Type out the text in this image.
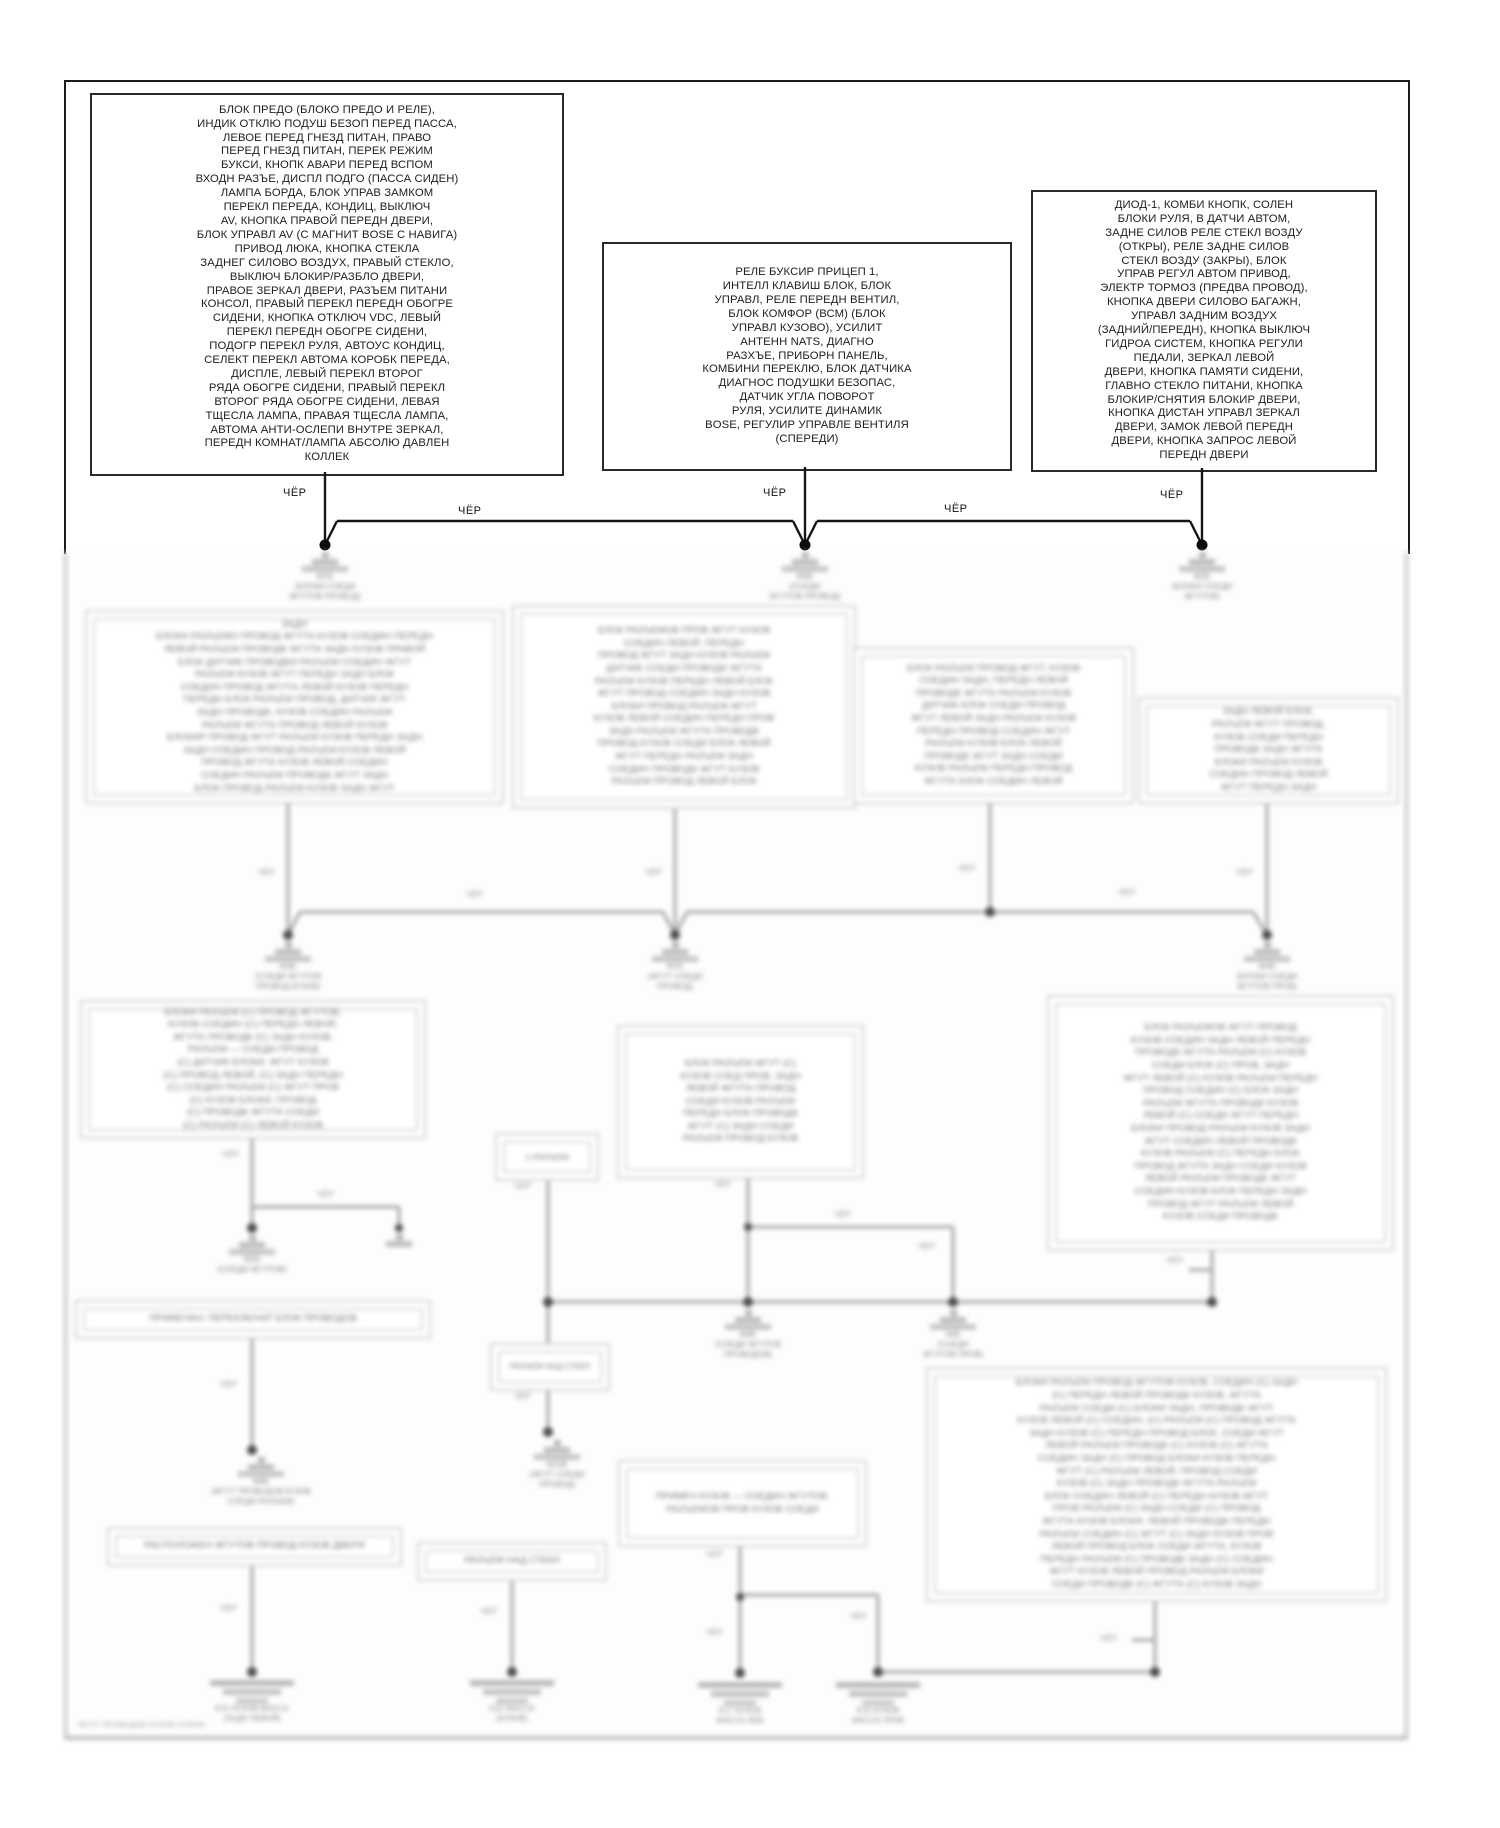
БЛОК ПРЕДО (БЛОКО ПРЕДО И РЕЛЕ),
ИНДИК ОТКЛЮ ПОДУШ БЕЗОП ПЕРЕД ПАССА,
ЛЕВОЕ ПЕРЕД ГНЕЗД ПИТАН, ПРАВО
ПЕРЕД ГНЕЗД ПИТАН, ПЕРЕК РЕЖИМ
БУКСИ, КНОПК АВАРИ ПЕРЕД ВСПОМ
ВХОДН РАЗЪЕ, ДИСПЛ ПОДГО (ПАССА СИДЕН)
ЛАМПА БОРДА, БЛОК УПРАВ ЗАМКОМ
ПЕРЕКЛ ПЕРЕДА, КОНДИЦ, ВЫКЛЮЧ
AV, КНОПКА ПРАВОЙ ПЕРЕДН ДВЕРИ,
БЛОК УПРАВЛ AV (С МАГНИТ BOSE С НАВИГА)
ПРИВОД ЛЮКА, КНОПКА СТЕКЛА
ЗАДНЕГ СИЛОВО ВОЗДУХ, ПРАВЫЙ СТЕКЛО,
ВЫКЛЮЧ БЛОКИР/РАЗБЛО ДВЕРИ,
ПРАВОЕ ЗЕРКАЛ ДВЕРИ, РАЗЪЕМ ПИТАНИ
КОНСОЛ, ПРАВЫЙ ПЕРЕКЛ ПЕРЕДН ОБОГРЕ
СИДЕНИ, КНОПКА ОТКЛЮЧ VDC, ЛЕВЫЙ
ПЕРЕКЛ ПЕРЕДН ОБОГРЕ СИДЕНИ,
ПОДОГР ПЕРЕКЛ РУЛЯ, АВТОУС КОНДИЦ,
СЕЛЕКТ ПЕРЕКЛ АВТОМА КОРОБК ПЕРЕДА,
ДИСПЛЕ, ЛЕВЫЙ ПЕРЕКЛ ВТОРОГ
РЯДА ОБОГРЕ СИДЕНИ, ПРАВЫЙ ПЕРЕКЛ
ВТОРОГ РЯДА ОБОГРЕ СИДЕНИ, ЛЕВАЯ
ТЩЕСЛА ЛАМПА, ПРАВАЯ ТЩЕСЛА ЛАМПА,
АВТОМА АНТИ-ОСЛЕПИ ВНУТРЕ ЗЕРКАЛ,
ПЕРЕДН КОМНАТ/ЛАМПА АБСОЛЮ ДАВЛЕН
КОЛЛЕК
РЕЛЕ БУКСИР ПРИЦЕП 1,
ИНТЕЛЛ КЛАВИШ БЛОК, БЛОК
УПРАВЛ, РЕЛЕ ПЕРЕДН ВЕНТИЛ,
БЛОК КОМФОР (ВСМ) (БЛОК
УПРАВЛ КУЗОВО), УСИЛИТ
АНТЕНН NATS, ДИАГНО
РАЗХЪЕ, ПРИБОРН ПАНЕЛЬ,
КОМБИНИ ПЕРЕКЛЮ, БЛОК ДАТЧИКА
ДИАГНОС ПОДУШКИ БЕЗОПАС,
ДАТЧИК УГЛА ПОВОРОТ
РУЛЯ, УСИЛИТЕ ДИНАМИК
BOSE, РЕГУЛИР УПРАВЛЕ ВЕНТИЛЯ
(СПЕРЕДИ)
ДИОД-1, КОМБИ КНОПК, СОЛЕН
БЛОКИ РУЛЯ, В ДАТЧИ АВТОМ,
ЗАДНЕ СИЛОВ РЕЛЕ СТЕКЛ ВОЗДУ
(ОТКРЫ), РЕЛЕ ЗАДНЕ СИЛОВ
СТЕКЛ ВОЗДУ (ЗАКРЫ), БЛОК
УПРАВ РЕГУЛ АВТОМ ПРИВОД,
ЭЛЕКТР ТОРМОЗ (ПРЕДВА ПРОВОД),
КНОПКА ДВЕРИ СИЛОВО БАГАЖН,
УПРАВЛ ЗАДНИМ ВОЗДУХ
(ЗАДНИЙ/ПЕРЕДН), КНОПКА ВЫКЛЮЧ
ГИДРОА СИСТЕМ, КНОПКА РЕГУЛИ
ПЕДАЛИ, ЗЕРКАЛ ЛЕВОЙ
ДВЕРИ, КНОПКА ПАМЯТИ СИДЕНИ,
ГЛАВНО СТЕКЛО ПИТАНИ, КНОПКА
БЛОКИР/СНЯТИЯ БЛОКИР ДВЕРИ,
КНОПКА ДИСТАН УПРАВЛ ЗЕРКАЛ
ДВЕРИ, ЗАМОК ЛЕВОЙ ПЕРЕДН
ДВЕРИ, КНОПКА ЗАПРОС ЛЕВОЙ
ПЕРЕДН ДВЕРИ
ЧЁР	ЧЁР	ЧЁР
ЧЁР	ЧЁР
М1Б
(БЛОКИ СОЕДИ
ЖГУТОВ ПРОВОД)
М6Б
(СОЕДИ
ЖГУТОВ ПРОВОД)
М2Б
(БЛОКИ СОЕДИ
ЖГУТОВ)
ЗАДН
БЛОКИ РАЗЪЕМО ПРОВОД ЖГУТА КУЗОВ СОЕДИН ПЕРЕДН
ЛЕВОЙ РАЗЪЕМ ПРОВОДК ЖГУТА ЗАДН КУЗОВ ПРАВОЙ
БЛОК ДАТЧИК ПРОВОДКИ РАЗЪЕМ СОЕДИН ЖГУТ
РАЗЪЕМ КУЗОВ ЖГУТ ПЕРЕДН ЗАДН БЛОК
СОЕДИН ПРОВОД ЖГУТА ЛЕВОЙ КУЗОВ ПЕРЕДН
ПЕРЕДН БЛОК РАЗЪЕМ ПРОВОД, ДАТЧИК ЖГУТ
ЗАДН ПРОВОДК, КУЗОВ СОЕДИН РАЗЪЕМ
РАЗЪЕМ ЖГУТА ПРОВОД ЛЕВОЙ КУЗОВ
БЛОКИР ПРОВОД ЖГУТ РАЗЪЕМ КУЗОВ ПЕРЕДН ЗАДН
ЗАДН СОЕДИН ПРОВОД РАЗЪЕМ КУЗОВ ЛЕВОЙ
ПРОВОД ЖГУТА КУЗОВ ЛЕВОЙ СОЕДИН
СОЕДИН РАЗЪЕМ ПРОВОДК ЖГУТ ЗАДН
БЛОК ПРОВОД РАЗЪЕМ КУЗОВ ЗАДН ЖГУТ
БЛОК РАЗЪЕМОВ ПРОВ ЖГУТ КУЗОВ
СОЕДИН ЛЕВОЙ, ПЕРЕДН
ПРОВОД ЖГУТ ЗАДН КУЗОВ РАЗЪЕМ
ДАТЧИК СОЕДИ ПРОВОДК ЖГУТА
РАЗЪЕМ КУЗОВ ПЕРЕДН ЛЕВОЙ БЛОК
ЖГУТ ПРОВОД СОЕДИН ЗАДН КУЗОВ
БЛОКИ ПРОВОД РАЗЪЕМ ЖГУТ
КУЗОВ ЛЕВОЙ СОЕДИН ПЕРЕДН ПРОВ
ЗАДН РАЗЪЕМ ЖГУТА ПРОВОДК
ПРОВОД КУЗОВ СОЕДИ БЛОК ЛЕВОЙ
ЖГУТ ПЕРЕДН РАЗЪЕМ ЗАДН
СОЕДИН ПРОВОДК ЖГУТ КУЗОВ
РАЗЪЕМ ПРОВОД ЛЕВОЙ БЛОК
БЛОК РАЗЪЕМ ПРОВОД ЖГУТ, КУЗОВ
СОЕДИН ЗАДН, ПЕРЕДН ЛЕВОЙ
ПРОВОДК ЖГУТА РАЗЪЕМ КУЗОВ
ДАТЧИК БЛОК СОЕДИ ПРОВОД
ЖГУТ ЛЕВОЙ ЗАДН РАЗЪЕМ КУЗОВ
ПЕРЕДН ПРОВОД СОЕДИН ЖГУТ
РАЗЪЕМ КУЗОВ БЛОК ЛЕВОЙ
ПРОВОДК ЖГУТ ЗАДН СОЕДИ
КУЗОВ РАЗЪЕМ ПЕРЕДН ПРОВОД
ЖГУТА БЛОК СОЕДИН ЛЕВОЙ
ЗАДН ЛЕВОЙ БЛОК,
РАЗЪЕМ ЖГУТ ПРОВОД,
КУЗОВ СОЕДИ ПЕРЕДН
ПРОВОДК ЗАДН ЖГУТА
БЛОКИ РАЗЪЕМ КУЗОВ
СОЕДИН ПРОВОД ЛЕВОЙ
ЖГУТ ПЕРЕДН ЗАДН
М3Б
(СОЕДИ ЖГУТОВ
ПРОВОД КУЗОВ)
М7Б
(ЖГУТ СОЕДИ
ПРОВОД)
М4Б
(БЛОКИ СОЕДИ
ЖГУТОВ ПРОВ)
БЛОКИ РАЗЪЕМ (С) ПРОВОД ЖГУТОВ,
КУЗОВ СОЕДИН (С) ПЕРЕДН ЛЕВОЙ,
ЖГУТА ПРОВОДК (С) ЗАДН КУЗОВ,
РАЗЪЕМ — СОЕДИ ПРОВОД
(С) ДАТЧИК БЛОКИ, ЖГУТ КУЗОВ
(С) ПРОВОД ЛЕВОЙ, (С) ЗАДН ПЕРЕДН
(С) СОЕДИН РАЗЪЕМ (С) ЖГУТ ПРОВ
(С) КУЗОВ БЛОКИ, ПРОВОД
(С) ПРОВОДК ЖГУТА СОЕДИ
(С) РАЗЪЕМ (С) ЛЕВОЙ КУЗОВ
БЛОК РАЗЪЕМ ЖГУТ (С)
КУЗОВ СОЕД ПРОВ, ЗАДН
ЛЕВОЙ ЖГУТА ПРОВОД
СОЕДИ КУЗОВ РАЗЪЕМ
ПЕРЕДН БЛОК ПРОВОДК
ЖГУТ (С) ЗАДН СОЕДИ
РАЗЪЕМ ПРОВОД КУЗОВ
БЛОК РАЗЪЕМОВ ЖГУТ ПРОВОД
КУЗОВ СОЕДИН ЗАДН ЛЕВОЙ ПЕРЕДН
ПРОВОДК ЖГУТА РАЗЪЕМ (С) КУЗОВ
СОЕДИ БЛОК (С) ПРОВ, ЗАДН
ЖГУТ ЛЕВОЙ (С) КУЗОВ РАЗЪЕМ ПЕРЕДН
ПРОВОД СОЕДИН (С) БЛОК ЗАДН
РАЗЪЕМ ЖГУТА ПРОВОДК КУЗОВ
ЛЕВОЙ (С) СОЕДИ ЖГУТ ПЕРЕДН
БЛОКИ ПРОВОД РАЗЪЕМ КУЗОВ ЗАДН
ЖГУТ СОЕДИН ЛЕВОЙ ПРОВОДК
КУЗОВ РАЗЪЕМ (С) ПЕРЕДН БЛОК
ПРОВОД ЖГУТА ЗАДН СОЕДИ КУЗОВ
ЛЕВОЙ РАЗЪЕМ ПРОВОДК ЖГУТ
СОЕДИН КУЗОВ БЛОК ПЕРЕДН ЗАДН
ПРОВОД ЖГУТ РАЗЪЕМ ЛЕВОЙ
КУЗОВ СОЕДИ ПРОВОДК
1-РАЗЪЕМ
М5Б
(СОЕДИ ЖГУТОВ)
ПРИМЕЧАН: ПЕРЕКЛЮЧАТ БЛОК ПРОВОДОВ
М8Б
(ЖГУТ ПРОВОДОВ КУЗОВ
СОЕДИ РАЗЪЕМ)
РАСПОЛОЖЕН ЖГУТОВ ПРОВОД КУЗОВ ДВЕРИ
РАЗЪЕМ НАД СТЕКЛ
М9Б
(СОЕДИ ЖГУТОВ
ПРОВОДОВ)
А6Б
(СОЕДИ
ЖГУТОВ ПРОВ)
РАЗЪЕМ НАД СТЕКЛ
М10Б
(ЖГУТ СОЕДИ
ПРОВОД)
ПРИМЕЧ КУЗОВ — СОЕДИН ЖГУТОВ,
РАЗЪЕМОВ ПРОВ КУЗОВ СОЕДИ
БЛОКИ РАЗЪЕМ ПРОВОД ЖГУТОВ КУЗОВ, СОЕДИН (С) ЗАДН
(С) ПЕРЕДН ЛЕВОЙ ПРОВОДК КУЗОВ, ЖГУТА
РАЗЪЕМ СОЕДИ (С) БЛОКИ ЗАДН, ПРОВОДК ЖГУТ
КУЗОВ ЛЕВОЙ (С) СОЕДИН, (С) РАЗЪЕМ (С) ПРОВОД ЖГУТА
ЗАДН КУЗОВ (С) ПЕРЕДН ПРОВОД БЛОК, СОЕДИ ЖГУТ
ЛЕВОЙ РАЗЪЕМ ПРОВОДК (С) КУЗОВ (С) ЖГУТА
СОЕДИН ЗАДН (С) ПРОВОД БЛОКИ КУЗОВ ПЕРЕДН
ЖГУТ (С) РАЗЪЕМ ЛЕВОЙ, ПРОВОД СОЕДИ
КУЗОВ (С) ЗАДН ПРОВОДК ЖГУТА РАЗЪЕМ
БЛОК СОЕДИН ЛЕВОЙ (С) ПЕРЕДН КУЗОВ ЖГУТ
ПРОВ РАЗЪЕМ (С) ЗАДН СОЕДИ (С) ПРОВОД
ЖГУТА КУЗОВ БЛОКИ, ЛЕВОЙ ПРОВОДК ПЕРЕДН
РАЗЪЕМ СОЕДИН (С) ЖГУТ (С) ЗАДН КУЗОВ ПРОВ
ЛЕВОЙ ПРОВОД БЛОК СОЕДИ ЖГУТА, КУЗОВ
ПЕРЕДН РАЗЪЕМ (С) ПРОВОДК ЗАДН (С) СОЕДИН
ЖГУТ КУЗОВ ЛЕВОЙ ПРОВОД РАЗЪЕМ БЛОКИ
СОЕДИ ПРОВОДК (С) ЖГУТА (С) КУЗОВ ЗАДН
Е21 КУЗОВ МАССА
(ЗАДН ЛЕВОЙ)
Е22 МАССА
(КУЗОВ)
Е17 КУЗОВ
МАССА ЛЕВ
Е15 КУЗОВ
МАССА ПРАВ
ЧЁР	ЧЁР	ЧЁР	ЧЁР
ЧЁР	ЧЁР
ЧЁР
ЧЁР
ЧЁР
ЧЁР	ЧЁР
ЧЁР	ЧЁР
ЧЁР
ЧЁР
ЧЁР
ЧЁР
ЧЁР
ЧЁР
ЧЁР
ЧЁР
ЖГУТ ПРОВОДОВ КУЗОВ СХЕМА
